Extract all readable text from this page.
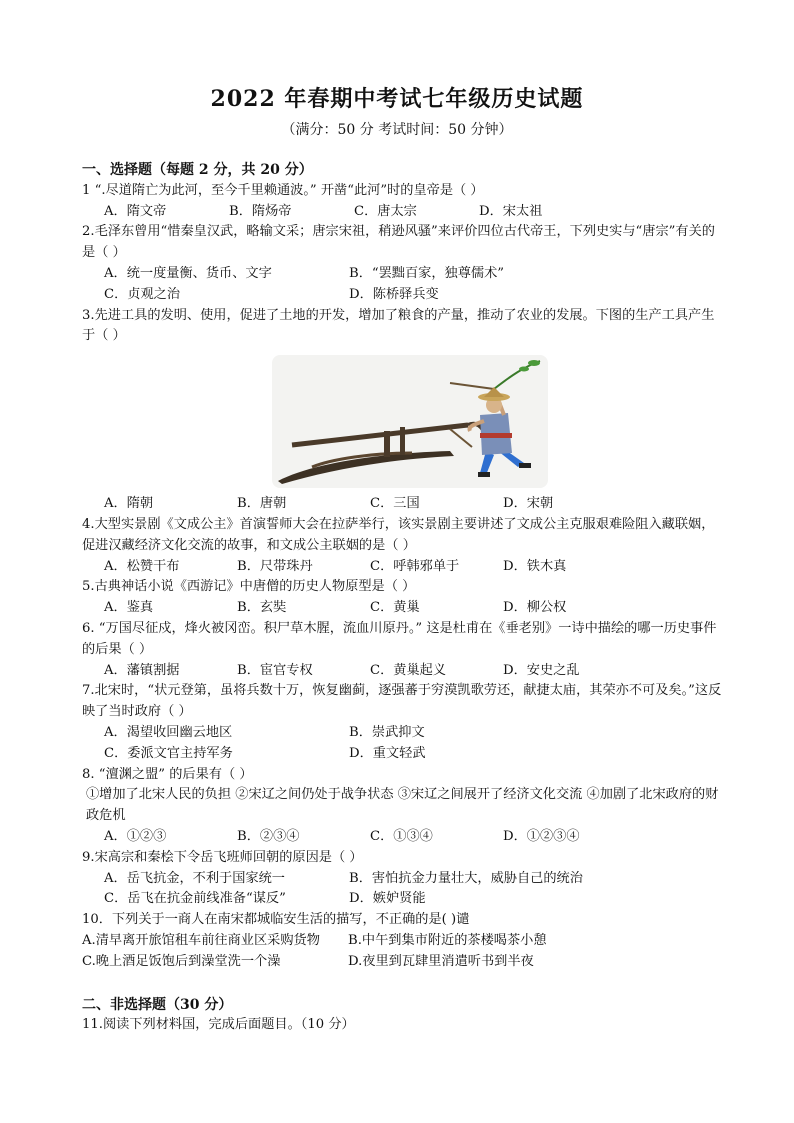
2022 年春期中考试七年级历史试题
（满分：50 分 考试时间：50 分钟）
一、选择题（每题 2 分，共 20 分）

1 “.尽道隋亡为此河，至今千里赖通波。” 开凿“此河”时的皇帝是（ ）

A．隋文帝	B．隋炀帝	C．唐太宗	D．宋太祖

2.毛泽东曾用“惜秦皇汉武，略输文采；唐宗宋祖，稍逊风骚”来评价四位古代帝王，下列史实与“唐宗”有关的是（ ）

A．统一度量衡、货币、文字	B．“罢黜百家，独尊儒术”
C．贞观之治	D．陈桥驿兵变

3.先进工具的发明、使用，促进了土地的开发，增加了粮食的产量，推动了农业的发展。下图的生产工具产生于（ ）

A．隋朝	B．唐朝	C．三国	D．宋朝

4.大型实景剧《文成公主》首演誓师大会在拉萨举行，该实景剧主要讲述了文成公主克服艰难险阻入藏联姻，促进汉藏经济文化交流的故事，和文成公主联姻的是（ ）

A．松赞干布	B．尺带珠丹	C．呼韩邪单于	D．铁木真

5.古典神话小说《西游记》中唐僧的历史人物原型是（ ）

A．鉴真	B．玄奘	C．黄巢	D．柳公权

6. “万国尽征戍，烽火被冈峦。积尸草木腥，流血川原丹。” 这是杜甫在《垂老别》一诗中描绘的哪一历史事件的后果（ ）

A．藩镇割据	B．宦官专权	C．黄巢起义	D．安史之乱

7.北宋时，“状元登第，虽将兵数十万，恢复幽蓟，逐强蕃于穷漠凯歌劳还，献捷太庙，其荣亦不可及矣。”这反映了当时政府（ ）

A．渴望收回幽云地区	B．崇武抑文
C．委派文官主持军务	D．重文轻武

8. “澶渊之盟” 的后果有（ ）

①增加了北宋人民的负担 ②宋辽之间仍处于战争状态 ③宋辽之间展开了经济文化交流 ④加剧了北宋政府的财政危机

A．①②③	B．②③④	C．①③④	D．①②③④

9.宋高宗和秦桧下令岳飞班师回朝的原因是（ ）

A．岳飞抗金，不利于国家统一	B．害怕抗金力量壮大，威胁自己的统治
C．岳飞在抗金前线准备“谋反”	D．嫉妒贤能

10．下列关于一商人在南宋都城临安生活的描写，不正确的是( )谴

A.清早离开旅馆租车前往商业区采购货物	B.中午到集市附近的茶楼喝茶小憩
C.晚上酒足饭饱后到澡堂洗一个澡	D.夜里到瓦肆里消遣听书到半夜
二、非选择题（30 分）

11.阅读下列材料国，完成后面题目。（10 分）
